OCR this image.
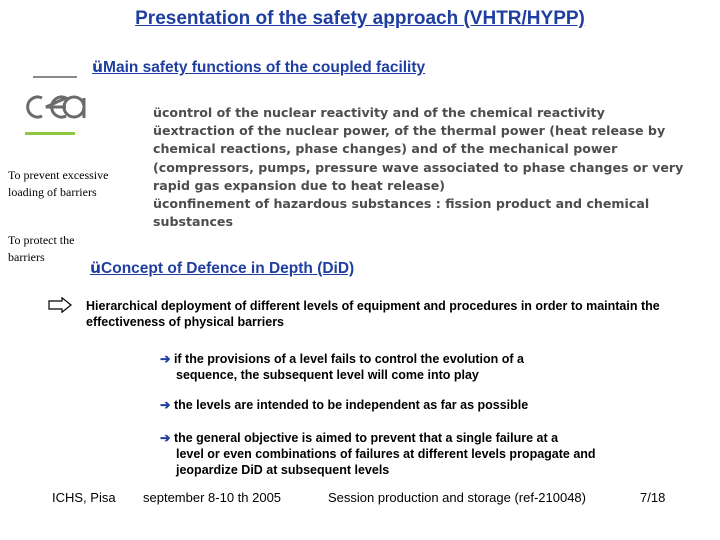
Presentation of the safety approach (VHTR/HYPP)
üMain safety functions of the coupled facility
To prevent excessive loading of barriers
To protect the barriers

ücontrol of the nuclear reactivity and of the chemical reactivity

üextraction of the nuclear power, of the thermal power (heat release by chemical reactions, phase changes) and of the mechanical power (compressors, pumps, pressure wave associated to phase changes or very rapid gas expansion due to heat release)

üconfinement of hazardous substances : fission product and chemical substances

üConcept of Defence in Depth (DiD)
Hierarchical deployment of different levels of equipment and procedures in order to maintain the effectiveness of physical barriers
➔ if the provisions of a level fails to control the evolution of a
sequence, the subsequent level will come into play
➔ the levels are intended to be independent as far as possible
➔ the general objective is aimed to prevent that a single failure at a
level or even combinations of failures at different levels propagate and jeopardize DiD at subsequent levels
ICHS, Pisa september 8-10 th 2005	Session production and storage (ref-210048)	7/18
